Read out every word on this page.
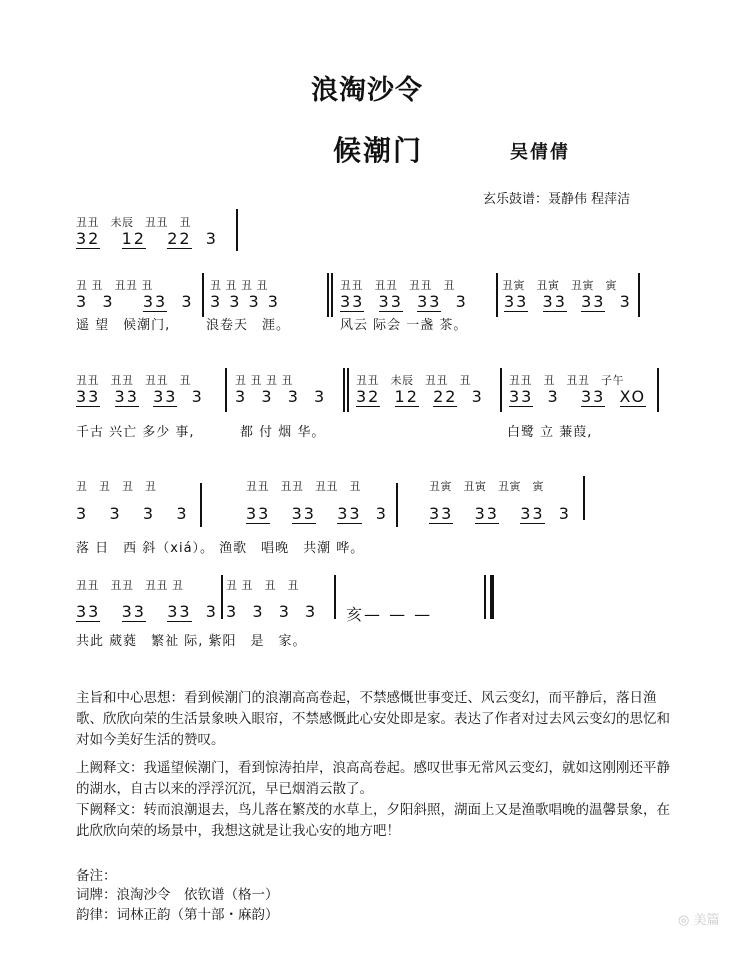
浪淘沙令
候潮门	吴倩倩
玄乐鼓谱：聂静伟 程萍洁
丑丑　未辰　丑丑　丑
32 12 22 3
丑 丑　丑丑 丑	丑 丑 丑 丑	丑丑　丑丑　丑丑　丑	丑寅　丑寅　丑寅　寅
3  3    33  3 3 3 3 3	33 33 33  3 33 33 33  3
遥 望　候潮门,	浪卷天　涯。	风云 际会 一盏 茶。
丑丑　丑丑　丑丑　丑	丑 丑 丑 丑	丑丑　未辰　丑丑　丑	丑丑　丑　丑丑　子午
33 33 33  3 3  3  3  3 32 12 22  3 33  3   33 XO
千古 兴亡 多少 事,	都 付 烟 华。	白鹭 立 蒹葭,
丑　丑　丑　丑	丑丑　丑丑　丑丑　丑	丑寅　丑寅　丑寅　寅
3   3   3   3	33 33 33  3	33 33 33  3
落 日　西 斜（xiá）。 渔歌　唱晚　共潮 哗。
丑丑　丑丑　丑丑 丑	丑 丑　丑　丑
33 33 33  3 3  3  3  3 亥— — —
共此 葳蕤　繁祉 际, 紫阳　是　家。
主旨和中心思想：看到候潮门的浪潮高高卷起，不禁感慨世事变迁、风云变幻，而平静后，落日渔歌、欣欣向荣的生活景象映入眼帘，不禁感慨此心安处即是家。表达了作者对过去风云变幻的思忆和对如今美好生活的赞叹。
上阙释文：我遥望候潮门，看到惊涛拍岸，浪高高卷起。感叹世事无常风云变幻，就如这刚刚还平静的湖水，自古以来的浮浮沉沉，早已烟消云散了。
下阙释文：转而浪潮退去，鸟儿落在繁茂的水草上，夕阳斜照，湖面上又是渔歌唱晚的温馨景象，在此欣欣向荣的场景中，我想这就是让我心安的地方吧！
备注：
词牌：浪淘沙令　依钦谱（格一）
韵律：词林正韵（第十部・麻韵）	◎ 美篇
